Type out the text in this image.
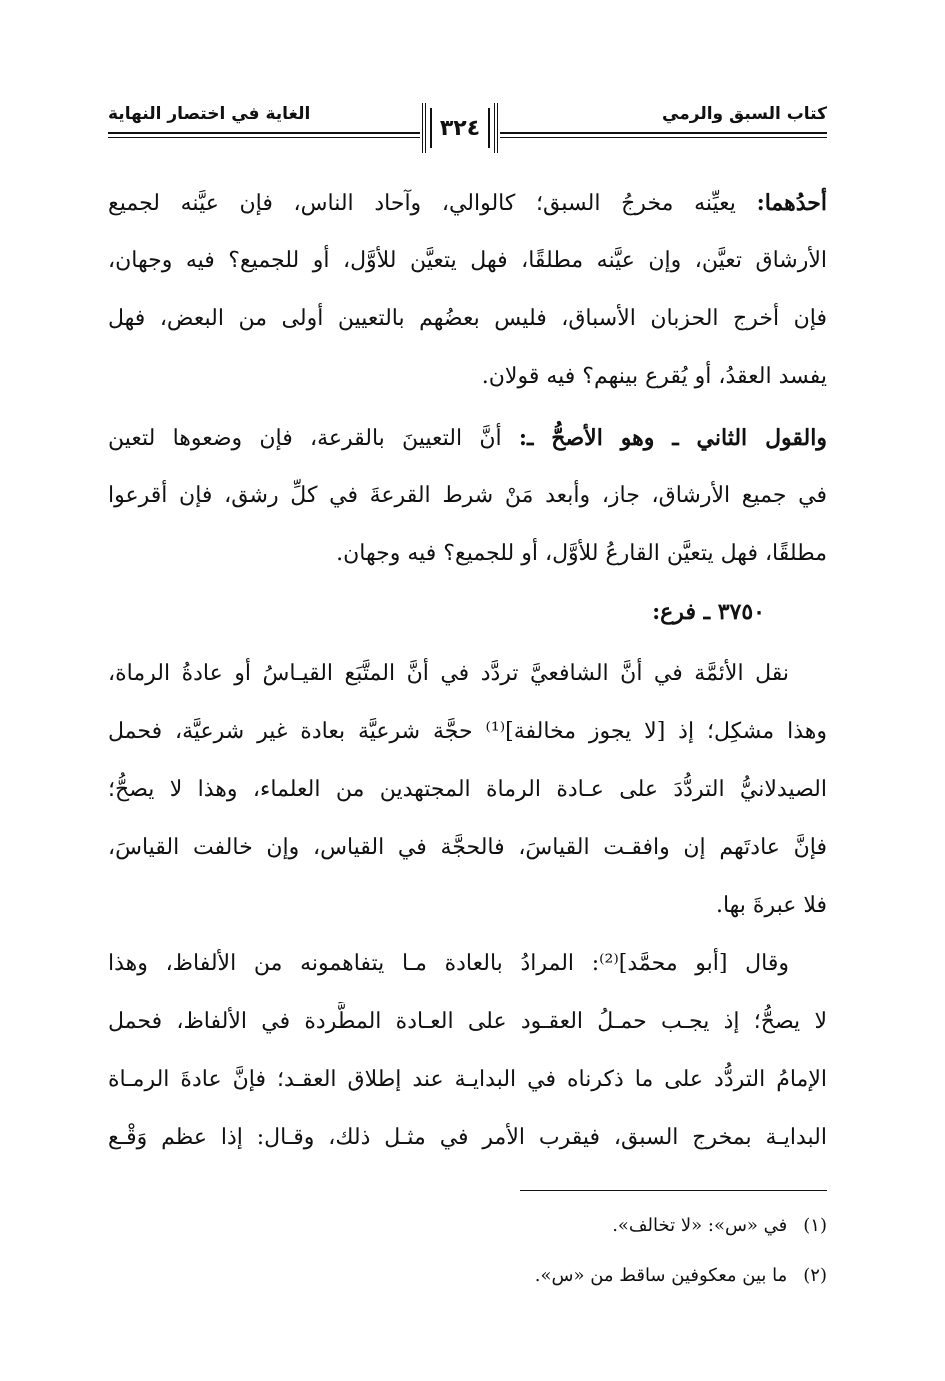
كتاب السبق والرمي
الغاية في اختصار النهاية
٣٢٤
أحدُهما: يعيِّنه مخرجُ السبق؛ كالوالي، وآحاد الناس، فإن عيَّنه لجميع
الأرشاق تعيَّن، وإن عيَّنه مطلقًا، فهل يتعيَّن للأوَّل، أو للجميع؟ فيه وجهان،
فإن أخرج الحزبان الأسباق، فليس بعضُهم بالتعيين أولى من البعض، فهل
يفسد العقدُ، أو يُقرع بينهم؟ فيه قولان.
والقول الثاني ـ وهو الأصحُّ ـ: أنَّ التعيينَ بالقرعة، فإن وضعوها لتعين
في جميع الأرشاق، جاز، وأبعد مَنْ شرط القرعةَ في كلِّ رشق، فإن أقرعوا
مطلقًا، فهل يتعيَّن القارعُ للأوَّل، أو للجميع؟ فيه وجهان.
٣٧٥٠ ـ فرع:
نقل الأئمَّة في أنَّ الشافعيَّ تردَّد في أنَّ المتَّبَع القيـاسُ أو عادةُ الرماة،
وهذا مشكِل؛ إذ [لا يجوز مخالفة]⁽¹⁾ حجَّة شرعيَّة بعادة غير شرعيَّة، فحمل
الصيدلانيُّ التردُّدَ على عـادة الرماة المجتهدين من العلماء، وهذا لا يصحُّ؛
فإنَّ عادتَهم إن وافقـت القياسَ، فالحجَّة في القياس، وإن خالفت القياسَ،
فلا عبرةَ بها.
وقال [أبو محمَّد]⁽²⁾: المرادُ بالعادة مـا يتفاهمونه من الألفاظ، وهذا
لا يصحُّ؛ إذ يجـب حمـلُ العقـود على العـادة المطَّردة في الألفاظ، فحمل
الإمامُ التردُّد على ما ذكرناه في البدايـة عند إطلاق العقـد؛ فإنَّ عادةَ الرمـاة
البدايـة بمخرج السبق، فيقرب الأمر في مثـل ذلك، وقـال: إذا عظم وَقْـع
(١)في «س»: «لا تخالف».
(٢)ما بين معكوفين ساقط من «س».
